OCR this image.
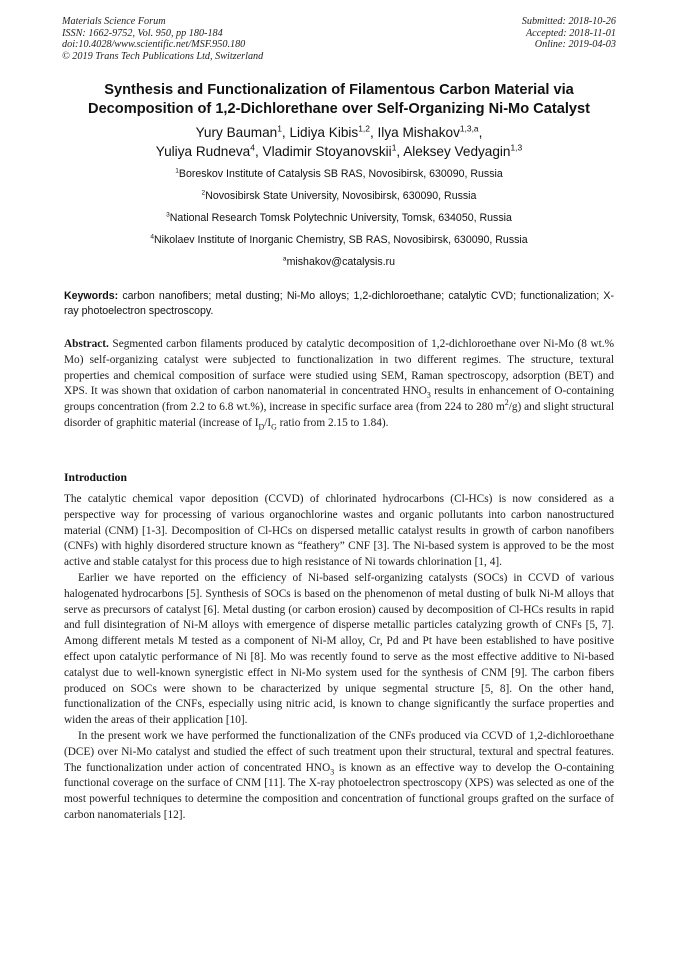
Materials Science Forum
ISSN: 1662-9752, Vol. 950, pp 180-184
doi:10.4028/www.scientific.net/MSF.950.180
© 2019 Trans Tech Publications Ltd, Switzerland
Submitted: 2018-10-26
Accepted: 2018-11-01
Online: 2019-04-03
Synthesis and Functionalization of Filamentous Carbon Material via
Decomposition of 1,2-Dichlorethane over Self-Organizing Ni-Mo Catalyst
Yury Bauman$^1$, Lidiya Kibis$^{1,2}$, Ilya Mishakov$^{1,3,a}$,
Yuliya Rudneva$^4$, Vladimir Stoyanovskii$^1$, Aleksey Vedyagin$^{1,3}$
$^1$Boreskov Institute of Catalysis SB RAS, Novosibirsk, 630090, Russia
$^2$Novosibirsk State University, Novosibirsk, 630090, Russia
$^3$National Research Tomsk Polytechnic University, Tomsk, 634050, Russia
$^4$Nikolaev Institute of Inorganic Chemistry, SB RAS, Novosibirsk, 630090, Russia
$^a$mishakov@catalysis.ru
Keywords: carbon nanofibers; metal dusting; Ni-Mo alloys; 1,2-dichloroethane; catalytic CVD; functionalization; X-ray photoelectron spectroscopy.

Abstract. Segmented carbon filaments produced by catalytic decomposition of 1,2-dichloroethane over Ni-Mo (8 wt.% Mo) self-organizing catalyst were subjected to functionalization in two different regimes. The structure, textural properties and chemical composition of surface were studied using SEM, Raman spectroscopy, adsorption (BET) and XPS. It was shown that oxidation of carbon nanomaterial in concentrated $HNO_3$ results in enhancement of O-containing groups concentration (from 2.2 to 6.8 wt.%), increase in specific surface area (from 224 to 280 $m^2/g$) and slight structural disorder of graphitic material (increase of $I_D/I_G$ ratio from 2.15 to 1.84).

Introduction

The catalytic chemical vapor deposition (CCVD) of chlorinated hydrocarbons (Cl-HCs) is now considered as a perspective way for processing of various organochlorine wastes and organic pollutants into carbon nanostructured material (CNM) [1-3]. Decomposition of Cl-HCs on dispersed metallic catalyst results in growth of carbon nanofibers (CNFs) with highly disordered structure known as “feathery” CNF [3]. The Ni-based system is approved to be the most active and stable catalyst for this process due to high resistance of Ni towards chlorination [1, 4].

Earlier we have reported on the efficiency of Ni-based self-organizing catalysts (SOCs) in CCVD of various halogenated hydrocarbons [5]. Synthesis of SOCs is based on the phenomenon of metal dusting of bulk Ni-M alloys that serve as precursors of catalyst [6]. Metal dusting (or carbon erosion) caused by decomposition of Cl-HCs results in rapid and full disintegration of Ni-M alloys with emergence of disperse metallic particles catalyzing growth of CNFs [5, 7]. Among different metals M tested as a component of Ni-M alloy, Cr, Pd and Pt have been established to have positive effect upon catalytic performance of Ni [8]. Mo was recently found to serve as the most effective additive to Ni-based catalyst due to well-known synergistic effect in Ni-Mo system used for the synthesis of CNM [9]. The carbon fibers produced on SOCs were shown to be characterized by unique segmental structure [5, 8]. On the other hand, functionalization of the CNFs, especially using nitric acid, is known to change significantly the surface properties and widen the areas of their application [10].

In the present work we have performed the functionalization of the CNFs produced via CCVD of 1,2-dichloroethane (DCE) over Ni-Mo catalyst and studied the effect of such treatment upon their structural, textural and spectral features. The functionalization under action of concentrated $HNO_3$ is known as an effective way to develop the O-containing functional coverage on the surface of CNM [11]. The X-ray photoelectron spectroscopy (XPS) was selected as one of the most powerful techniques to determine the composition and concentration of functional groups grafted on the surface of carbon nanomaterials [12].
